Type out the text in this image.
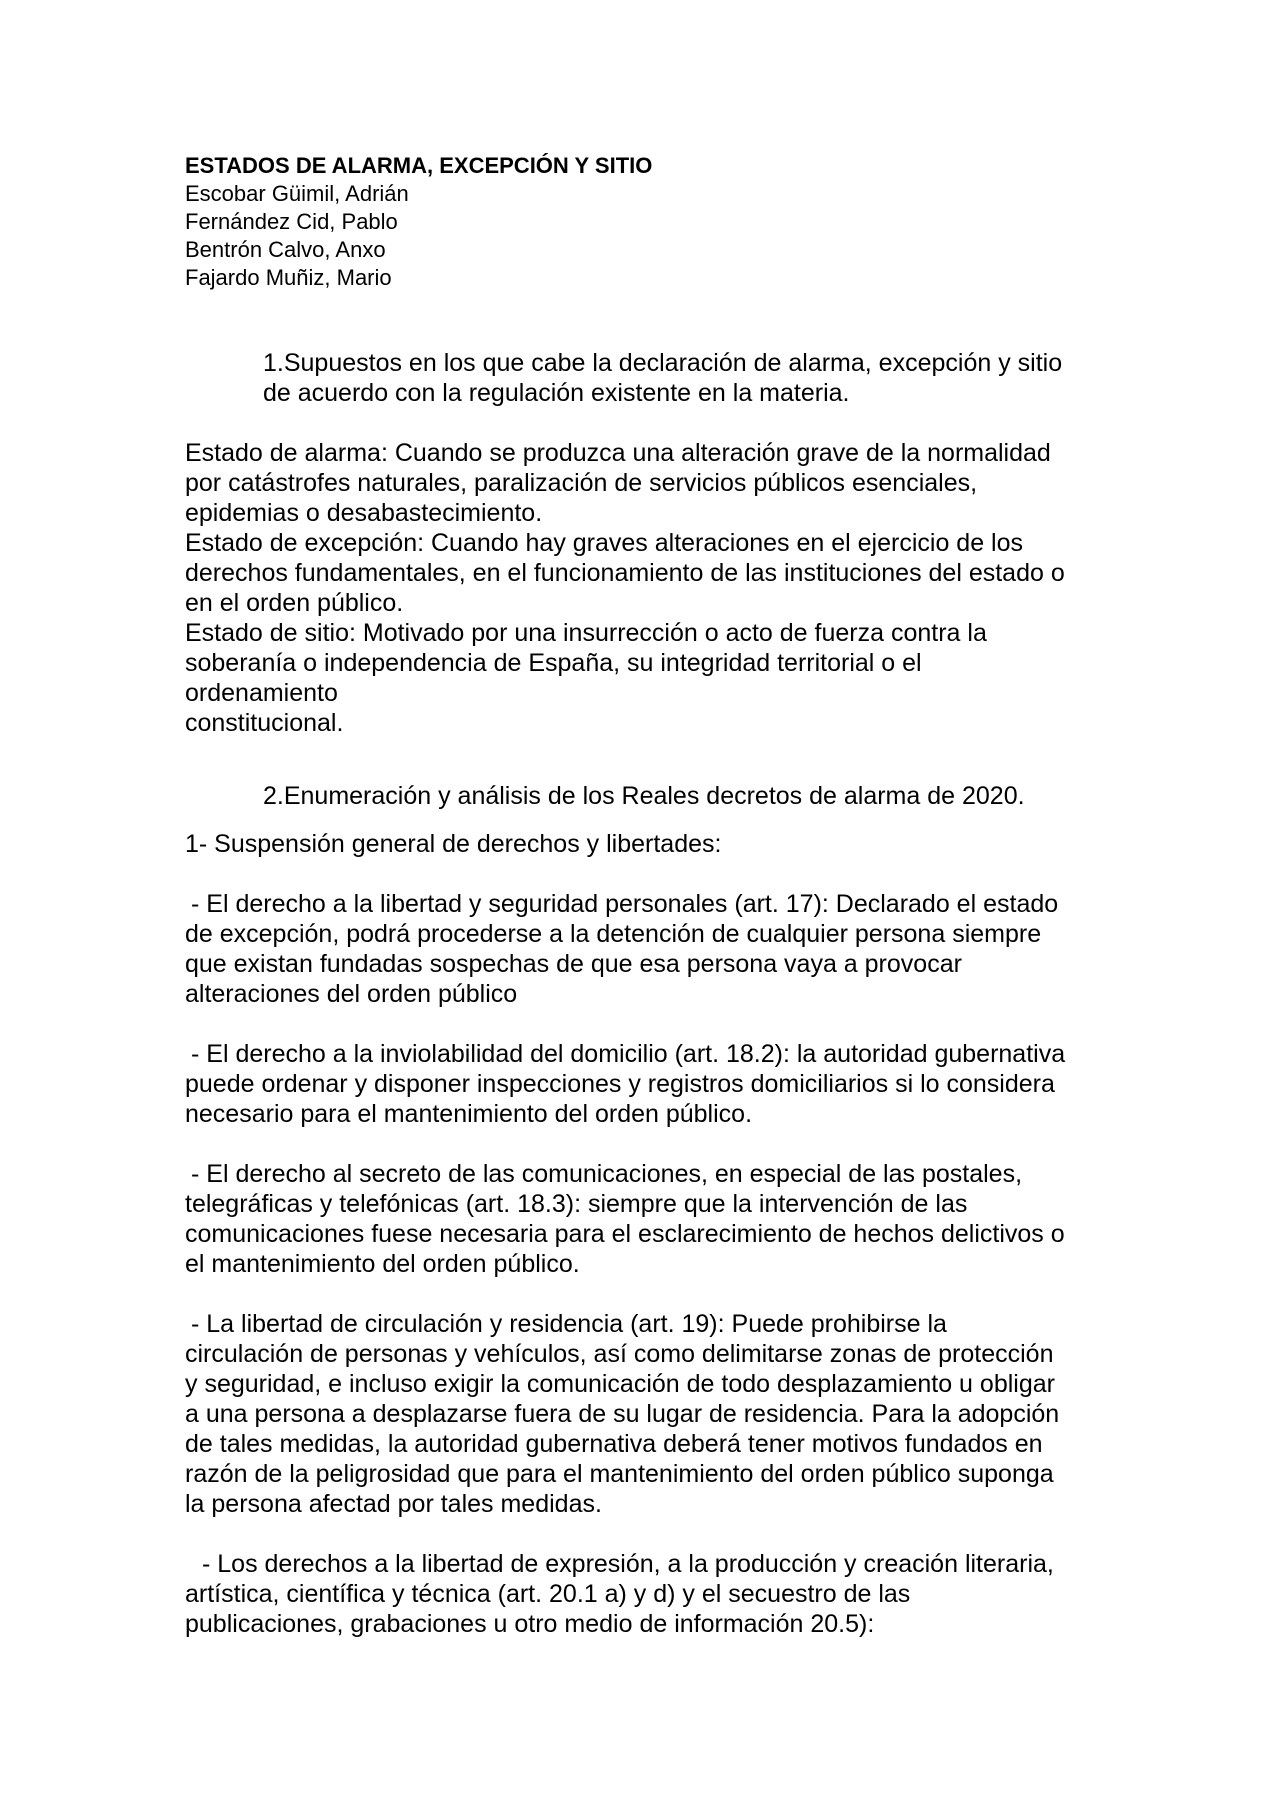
ESTADOS DE ALARMA, EXCEPCIÓN Y SITIO

Escobar Güimil, Adrián
Fernández Cid, Pablo
Bentrón Calvo, Anxo
Fajardo Muñiz, Mario
1.Supuestos en los que cabe la declaración de alarma, excepción y sitio
de acuerdo con la regulación existente en la materia.

Estado de alarma: Cuando se produzca una alteración grave de la normalidad

por catástrofes naturales, paralización de servicios públicos esenciales,

epidemias o desabastecimiento.

Estado de excepción: Cuando hay graves alteraciones en el ejercicio de los

derechos fundamentales, en el funcionamiento de las instituciones del estado o

en el orden público.

Estado de sitio: Motivado por una insurrección o acto de fuerza contra la

soberanía o independencia de España, su integridad territorial o el

ordenamiento

constitucional.

2.Enumeración y análisis de los Reales decretos de alarma de 2020.

1- Suspensión general de derechos y libertades:

- El derecho a la libertad y seguridad personales (art. 17): Declarado el estado

de excepción, podrá procederse a la detención de cualquier persona siempre

que existan fundadas sospechas de que esa persona vaya a provocar

alteraciones del orden público

- El derecho a la inviolabilidad del domicilio (art. 18.2): la autoridad gubernativa

puede ordenar y disponer inspecciones y registros domiciliarios si lo considera

necesario para el mantenimiento del orden público.

- El derecho al secreto de las comunicaciones, en especial de las postales,

telegráficas y telefónicas (art. 18.3): siempre que la intervención de las

comunicaciones fuese necesaria para el esclarecimiento de hechos delictivos o

el mantenimiento del orden público.

- La libertad de circulación y residencia (art. 19): Puede prohibirse la

circulación de personas y vehículos, así como delimitarse zonas de protección

y seguridad, e incluso exigir la comunicación de todo desplazamiento u obligar

a una persona a desplazarse fuera de su lugar de residencia. Para la adopción

de tales medidas, la autoridad gubernativa deberá tener motivos fundados en

razón de la peligrosidad que para el mantenimiento del orden público suponga

la persona afectad por tales medidas.

- Los derechos a la libertad de expresión, a la producción y creación literaria,

artística, científica y técnica (art. 20.1 a) y d) y el secuestro de las

publicaciones, grabaciones u otro medio de información 20.5):
